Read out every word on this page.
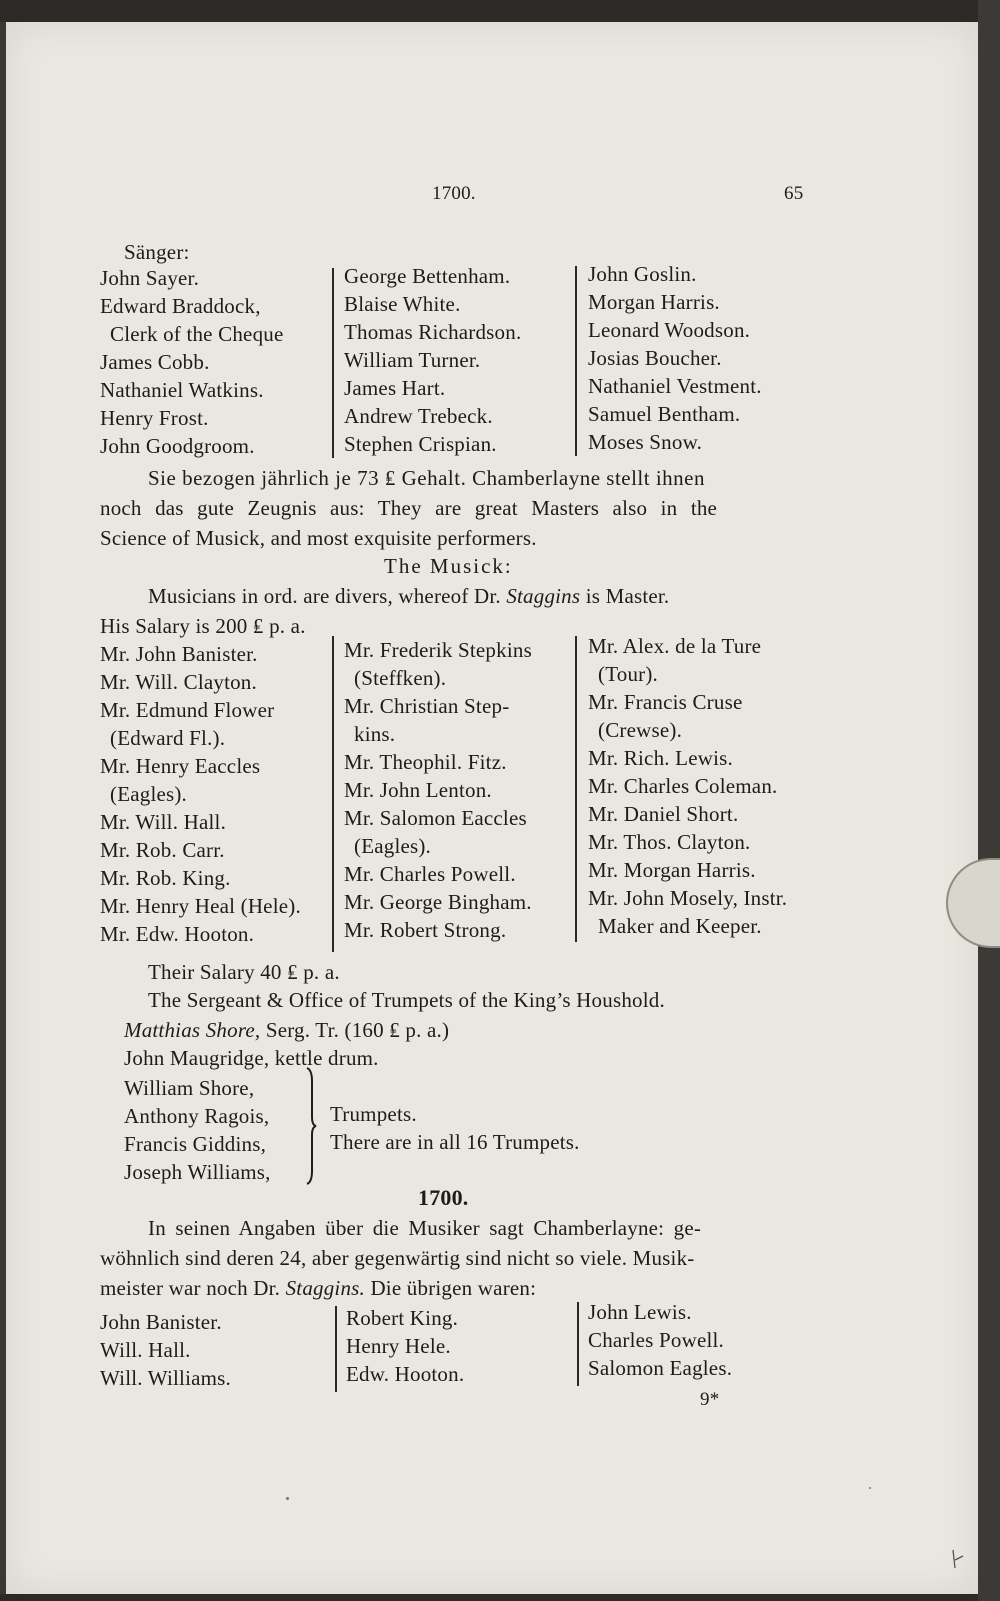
1700.	65
Sänger:
John Sayer.
Edward Braddock,
Clerk of the Cheque
James Cobb.
Nathaniel Watkins.
Henry Frost.
John Goodgroom.
George Bettenham.
Blaise White.
Thomas Richardson.
William Turner.
James Hart.
Andrew Trebeck.
Stephen Crispian.
John Goslin.
Morgan Harris.
Leonard Woodson.
Josias Boucher.
Nathaniel Vestment.
Samuel Bentham.
Moses Snow.
Sie bezogen jährlich je 73 ₤ Gehalt. Chamberlayne stellt ihnen
noch das gute Zeugnis aus: They are great Masters also in the
Science of Musick, and most exquisite performers.
The Musick:
Musicians in ord. are divers, whereof Dr. Staggins is Master.
His Salary is 200 ₤ p. a.
Mr. John Banister.
Mr. Will. Clayton.
Mr. Edmund Flower
(Edward Fl.).
Mr. Henry Eaccles
(Eagles).
Mr. Will. Hall.
Mr. Rob. Carr.
Mr. Rob. King.
Mr. Henry Heal (Hele).
Mr. Edw. Hooton.
Mr. Frederik Stepkins
(Steffken).
Mr. Christian Step-
kins.
Mr. Theophil. Fitz.
Mr. John Lenton.
Mr. Salomon Eaccles
(Eagles).
Mr. Charles Powell.
Mr. George Bingham.
Mr. Robert Strong.
Mr. Alex. de la Ture
(Tour).
Mr. Francis Cruse
(Crewse).
Mr. Rich. Lewis.
Mr. Charles Coleman.
Mr. Daniel Short.
Mr. Thos. Clayton.
Mr. Morgan Harris.
Mr. John Mosely, Instr.
Maker and Keeper.
Their Salary 40 ₤ p. a.
The Sergeant & Office of Trumpets of the King’s Houshold.
Matthias Shore, Serg. Tr. (160 ₤ p. a.)
John Maugridge, kettle drum.
William Shore,
Anthony Ragois,
Francis Giddins,
Joseph Williams,
Trumpets.
There are in all 16 Trumpets.
1700.
In seinen Angaben über die Musiker sagt Chamberlayne: ge-
wöhnlich sind deren 24, aber gegenwärtig sind nicht so viele. Musik-
meister war noch Dr. Staggins. Die übrigen waren:
John Banister.
Will. Hall.
Will. Williams.
Robert King.
Henry Hele.
Edw. Hooton.
John Lewis.
Charles Powell.
Salomon Eagles.
9*
